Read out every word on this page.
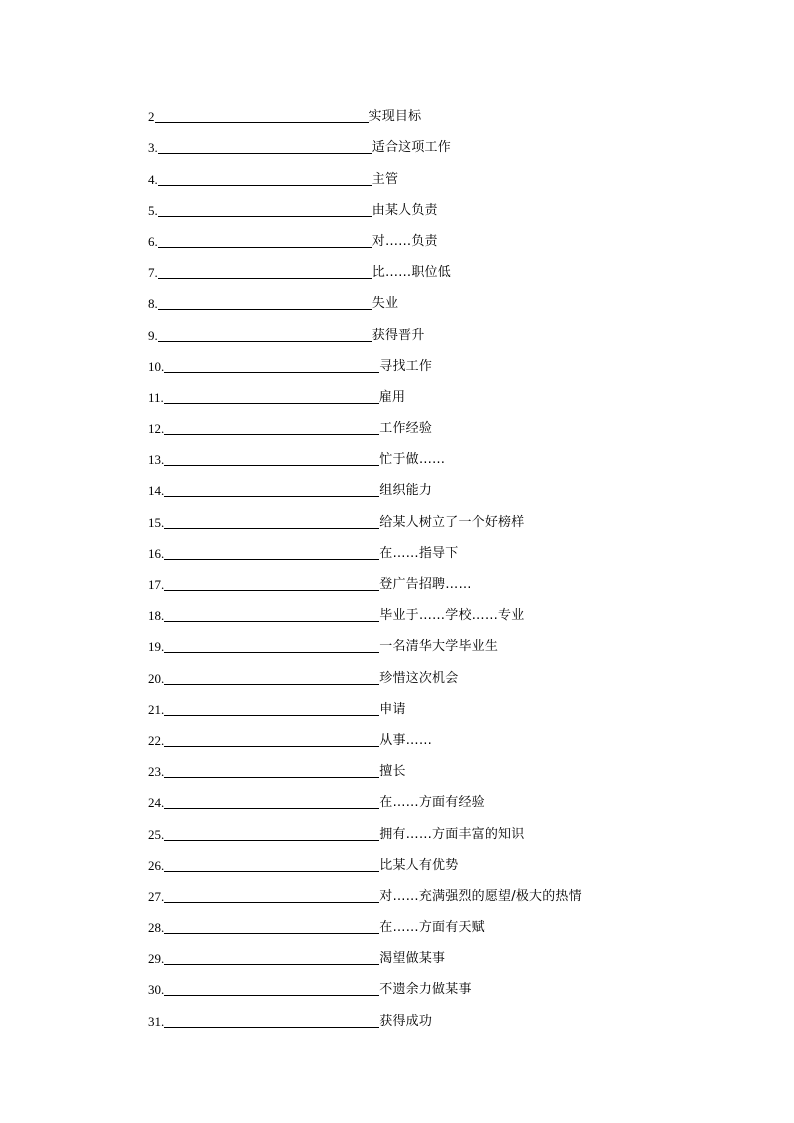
2	实现目标
3.	适合这项工作
4.	主管
5.	由某人负责
6.	对……负责
7.	比……职位低
8.	失业
9.	获得晋升
10.	寻找工作
11.	雇用
12.	工作经验
13.	忙于做……
14.	组织能力
15.	给某人树立了一个好榜样
16.	在……指导下
17.	登广告招聘……
18.	毕业于……学校……专业
19.	一名清华大学毕业生
20.	珍惜这次机会
21.	申请
22.	从事……
23.	擅长
24.	在……方面有经验
25.	拥有……方面丰富的知识
26.	比某人有优势
27.	对……充满强烈的愿望/极大的热情
28.	在……方面有天赋
29.	渴望做某事
30.	不遗余力做某事
31.	获得成功
